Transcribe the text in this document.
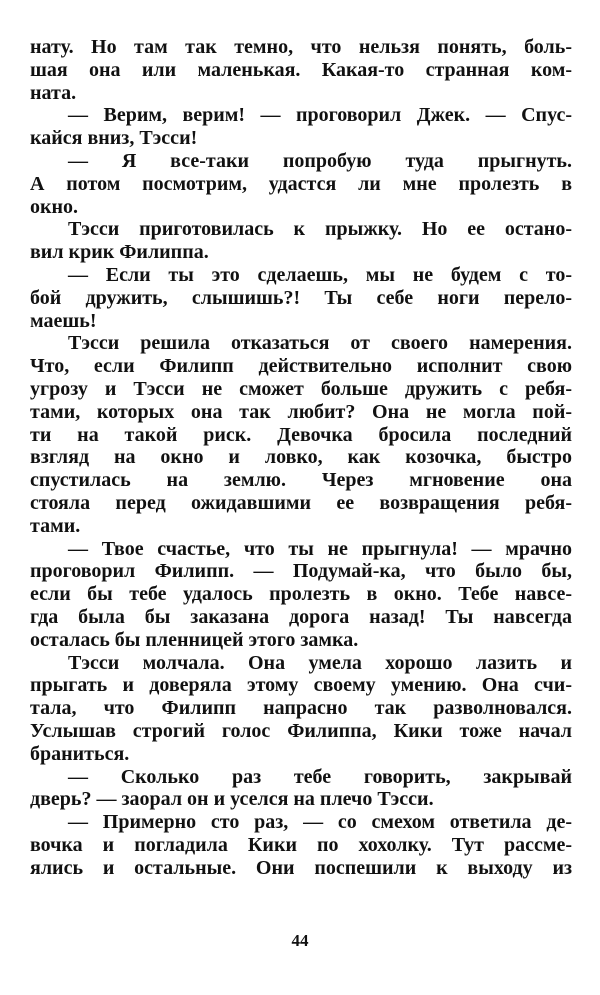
нату. Но там так темно, что нельзя понять, боль-
шая она или маленькая. Какая-то странная ком-
ната.
— Верим, верим! — проговорил Джек. — Спус-
кайся вниз, Тэсси!
— Я все-таки попробую туда прыгнуть.
А потом посмотрим, удастся ли мне пролезть в
окно.
Тэсси приготовилась к прыжку. Но ее останo-
вил крик Филиппа.
— Если ты это сделаешь, мы не будем с то-
бой дружить, слышишь?! Ты себе ноги перело-
маешь!
Тэсси решила отказаться от своего намерения.
Что, если Филипп действительно исполнит свою
угрозу и Тэсси не сможет больше дружить с ребя-
тами, которых она так любит? Она не могла пой-
ти на такой риск. Девочка бросила последний
взгляд на окно и ловко, как козочка, быстро
спустилась на землю. Через мгновение она
стояла перед ожидавшими ее возвращения ребя-
тами.
— Твое счастье, что ты не прыгнула! — мрачно
проговорил Филипп. — Подумай-ка, что было бы,
если бы тебе удалось пролезть в окно. Тебе навсе-
гда была бы заказана дорога назад! Ты навсегда
осталась бы пленницей этого замка.
Тэсси молчала. Она умела хорошо лазить и
прыгать и доверяла этому своему умению. Она счи-
тала, что Филипп напрасно так разволновался.
Услышав строгий голос Филиппа, Кики тоже начал
браниться.
— Сколько раз тебе говорить, закрывай
дверь? — заорал он и уселся на плечо Тэсси.
— Примерно сто раз, — со смехом ответила де-
вочка и погладила Кики по хохолку. Тут рассме-
ялись и остальные. Они поспешили к выходу из
44
